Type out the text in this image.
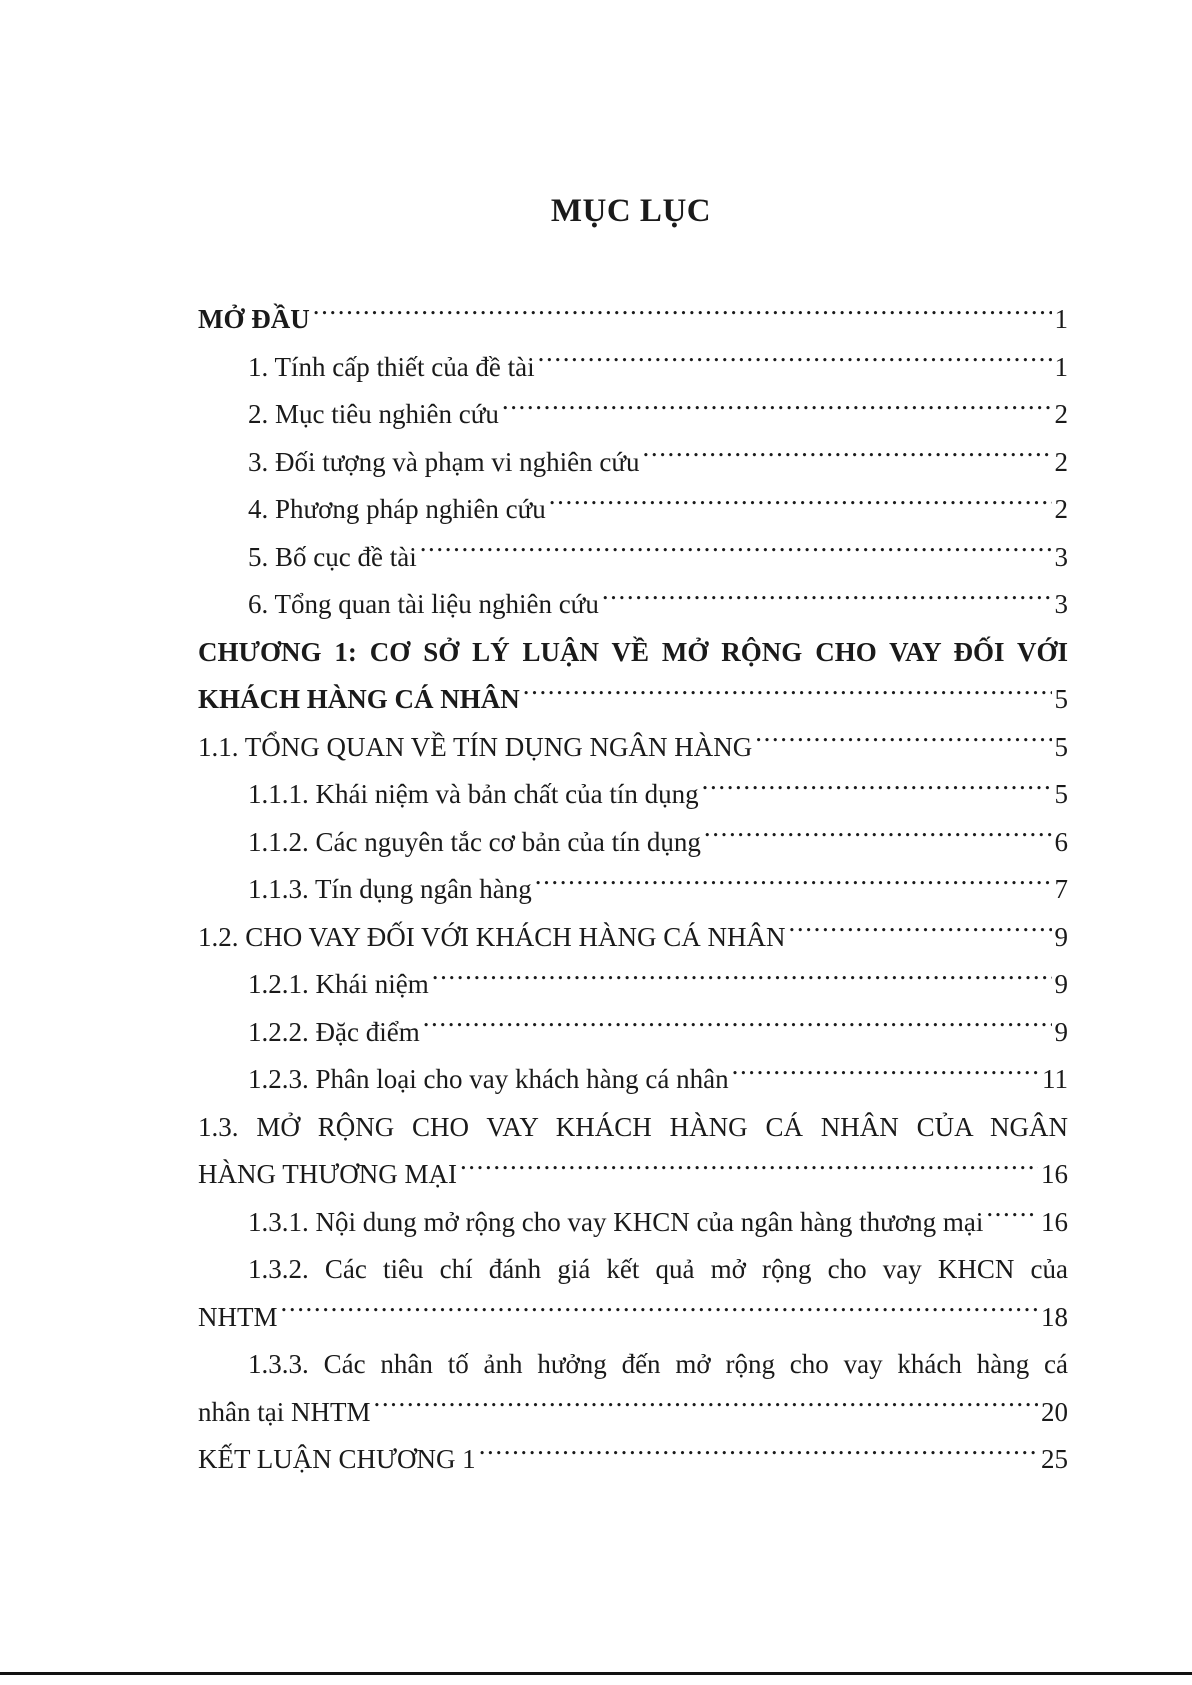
MỤC LỤC
MỞ ĐẦU .....	1
1. Tính cấp thiết của đề tài .....	1
2. Mục tiêu nghiên cứu .....	2
3. Đối tượng và phạm vi nghiên cứu .....	2
4. Phương pháp nghiên cứu .....	2
5. Bố cục đề tài .....	3
6. Tổng quan tài liệu nghiên cứu .....	3
CHƯƠNG 1: CƠ SỞ LÝ LUẬN VỀ MỞ RỘNG CHO VAY ĐỐI VỚI
KHÁCH HÀNG CÁ NHÂN .....	5
1.1. TỔNG QUAN VỀ TÍN DỤNG NGÂN HÀNG .....	5
1.1.1. Khái niệm và bản chất của tín dụng .....	5
1.1.2. Các nguyên tắc cơ bản của tín dụng .....	6
1.1.3. Tín dụng ngân hàng .....	7
1.2. CHO VAY ĐỐI VỚI KHÁCH HÀNG CÁ NHÂN .....	9
1.2.1. Khái niệm .....	9
1.2.2. Đặc điểm .....	9
1.2.3. Phân loại cho vay khách hàng cá nhân .....	11
1.3. MỞ RỘNG CHO VAY KHÁCH HÀNG CÁ NHÂN CỦA NGÂN
HÀNG THƯƠNG MẠI .....	16
1.3.1. Nội dung mở rộng cho vay KHCN của ngân hàng thương mại ..... 16
1.3.2. Các tiêu chí đánh giá kết quả mở rộng cho vay KHCN của
NHTM .....	18
1.3.3. Các nhân tố ảnh hưởng đến mở rộng cho vay khách hàng cá
nhân tại NHTM .....	20
KẾT LUẬN CHƯƠNG 1 .....	25
